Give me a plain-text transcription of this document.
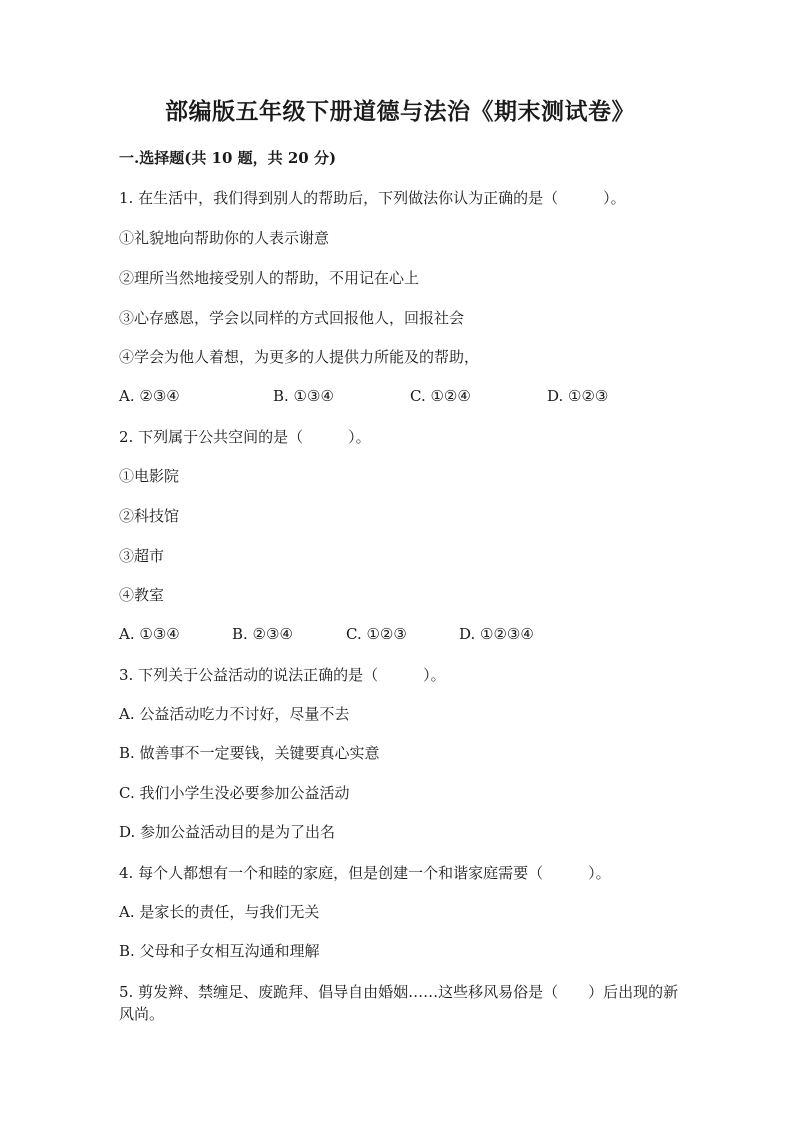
部编版五年级下册道德与法治《期末测试卷》
一.选择题(共 10 题，共 20 分)
1. 在生活中，我们得到别人的帮助后，下列做法你认为正确的是（　　　）。
①礼貌地向帮助你的人表示谢意
②理所当然地接受别人的帮助，不用记在心上
③心存感恩，学会以同样的方式回报他人，回报社会
④学会为他人着想，为更多的人提供力所能及的帮助，
A. ②③④	B. ①③④	C. ①②④	D. ①②③
2. 下列属于公共空间的是（　　　）。
①电影院
②科技馆
③超市
④教室
A. ①③④	B. ②③④	C. ①②③	D. ①②③④
3. 下列关于公益活动的说法正确的是（　　　）。
A. 公益活动吃力不讨好，尽量不去
B. 做善事不一定要钱，关键要真心实意
C. 我们小学生没必要参加公益活动
D. 参加公益活动目的是为了出名
4. 每个人都想有一个和睦的家庭，但是创建一个和谐家庭需要（　　　）。
A. 是家长的责任，与我们无关
B. 父母和子女相互沟通和理解
5. 剪发辫、禁缠足、废跪拜、倡导自由婚姻……这些移风易俗是（　　）后出现的新风尚。
